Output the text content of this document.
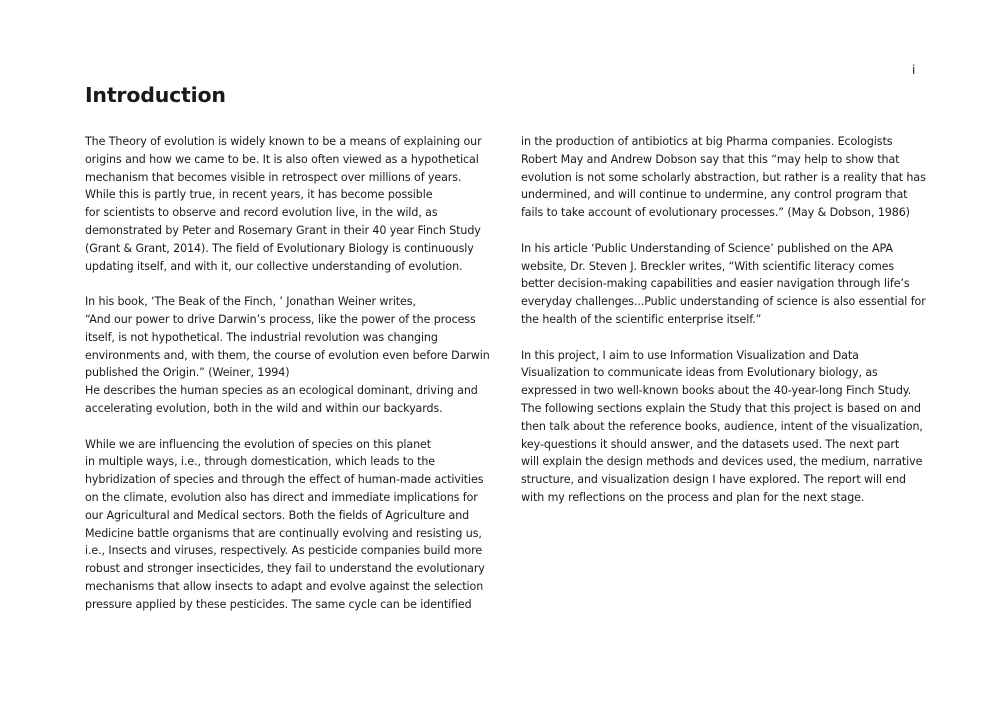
i
Introduction

The Theory of evolution is widely known to be a means of explaining our
origins and how we came to be. It is also often viewed as a hypothetical
mechanism that becomes visible in retrospect over millions of years.
While this is partly true, in recent years, it has become possible
for scientists to observe and record evolution live, in the wild, as
demonstrated by Peter and Rosemary Grant in their 40 year Finch Study
(Grant & Grant, 2014). The field of Evolutionary Biology is continuously
updating itself, and with it, our collective understanding of evolution.

In his book, ‘The Beak of the Finch, ’ Jonathan Weiner writes,
“And our power to drive Darwin’s process, like the power of the process
itself, is not hypothetical. The industrial revolution was changing
environments and, with them, the course of evolution even before Darwin
published the Origin.” (Weiner, 1994)
He describes the human species as an ecological dominant, driving and
accelerating evolution, both in the wild and within our backyards.

While we are influencing the evolution of species on this planet
in multiple ways, i.e., through domestication, which leads to the
hybridization of species and through the effect of human-made activities
on the climate, evolution also has direct and immediate implications for
our Agricultural and Medical sectors. Both the fields of Agriculture and
Medicine battle organisms that are continually evolving and resisting us,
i.e., Insects and viruses, respectively. As pesticide companies build more
robust and stronger insecticides, they fail to understand the evolutionary
mechanisms that allow insects to adapt and evolve against the selection
pressure applied by these pesticides. The same cycle can be identified

in the production of antibiotics at big Pharma companies. Ecologists
Robert May and Andrew Dobson say that this “may help to show that
evolution is not some scholarly abstraction, but rather is a reality that has
undermined, and will continue to undermine, any control program that
fails to take account of evolutionary processes.” (May & Dobson, 1986)

In his article ‘Public Understanding of Science’ published on the APA
website, Dr. Steven J. Breckler writes, “With scientific literacy comes
better decision-making capabilities and easier navigation through life’s
everyday challenges...Public understanding of science is also essential for
the health of the scientific enterprise itself.”

In this project, I aim to use Information Visualization and Data
Visualization to communicate ideas from Evolutionary biology, as
expressed in two well-known books about the 40-year-long Finch Study.
The following sections explain the Study that this project is based on and
then talk about the reference books, audience, intent of the visualization,
key-questions it should answer, and the datasets used. The next part
will explain the design methods and devices used, the medium, narrative
structure, and visualization design I have explored. The report will end
with my reflections on the process and plan for the next stage.
